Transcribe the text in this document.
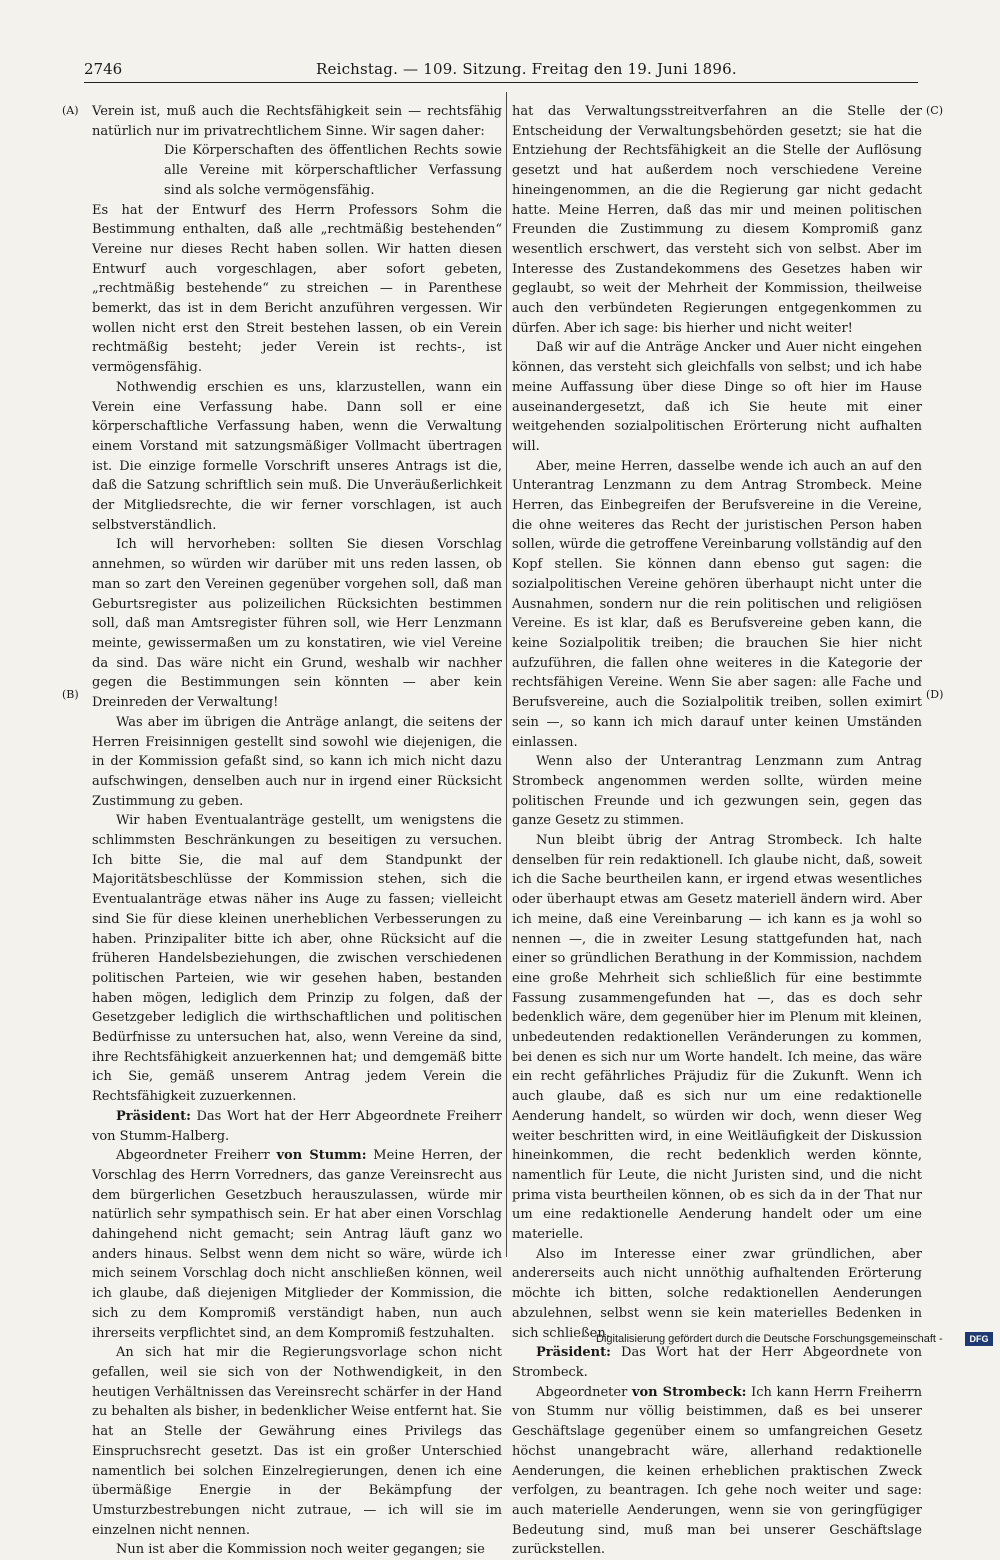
2746	Reichstag. — 109. Sitzung. Freitag den 19. Juni 1896.
(A)
(B)
(C)
(D)

Verein ist, muß auch die Rechtsfähigkeit sein — rechtsfähig natürlich nur im privatrechtlichem Sinne. Wir sagen daher:

Die Körperschaften des öffentlichen Rechts sowie alle Vereine mit körperschaftlicher Verfassung sind als solche vermögensfähig.

Es hat der Entwurf des Herrn Professors Sohm die Bestimmung enthalten, daß alle „rechtmäßig bestehenden“ Vereine nur dieses Recht haben sollen. Wir hatten diesen Entwurf auch vorgeschlagen, aber sofort gebeten, „rechtmäßig bestehende“ zu streichen — in Parenthese bemerkt, das ist in dem Bericht anzuführen vergessen. Wir wollen nicht erst den Streit bestehen lassen, ob ein Verein rechtmäßig besteht; jeder Verein ist rechts-, ist vermögensfähig.

Nothwendig erschien es uns, klarzustellen, wann ein Verein eine Verfassung habe. Dann soll er eine körperschaftliche Verfassung haben, wenn die Verwaltung einem Vorstand mit satzungsmäßiger Vollmacht übertragen ist. Die einzige formelle Vorschrift unseres Antrags ist die, daß die Satzung schriftlich sein muß. Die Unveräußerlichkeit der Mitgliedsrechte, die wir ferner vorschlagen, ist auch selbstverständlich.

Ich will hervorheben: sollten Sie diesen Vorschlag annehmen, so würden wir darüber mit uns reden lassen, ob man so zart den Vereinen gegenüber vorgehen soll, daß man Geburtsregister aus polizeilichen Rücksichten bestimmen soll, daß man Amtsregister führen soll, wie Herr Lenzmann meinte, gewissermaßen um zu konstatiren, wie viel Vereine da sind. Das wäre nicht ein Grund, weshalb wir nachher gegen die Bestimmungen sein könnten — aber kein Dreinreden der Verwaltung!

Was aber im übrigen die Anträge anlangt, die seitens der Herren Freisinnigen gestellt sind sowohl wie diejenigen, die in der Kommission gefaßt sind, so kann ich mich nicht dazu aufschwingen, denselben auch nur in irgend einer Rücksicht Zustimmung zu geben.

Wir haben Eventualanträge gestellt, um wenigstens die schlimmsten Beschränkungen zu beseitigen zu versuchen. Ich bitte Sie, die mal auf dem Standpunkt der Majoritätsbeschlüsse der Kommission stehen, sich die Eventualanträge etwas näher ins Auge zu fassen; vielleicht sind Sie für diese kleinen unerheblichen Verbesserungen zu haben. Prinzipaliter bitte ich aber, ohne Rücksicht auf die früheren Handelsbeziehungen, die zwischen verschiedenen politischen Parteien, wie wir gesehen haben, bestanden haben mögen, lediglich dem Prinzip zu folgen, daß der Gesetzgeber lediglich die wirthschaftlichen und politischen Bedürfnisse zu untersuchen hat, also, wenn Vereine da sind, ihre Rechtsfähigkeit anzuerkennen hat; und demgemäß bitte ich Sie, gemäß unserem Antrag jedem Verein die Rechtsfähigkeit zuzuerkennen.

Präsident: Das Wort hat der Herr Abgeordnete Freiherr von Stumm-Halberg.

Abgeordneter Freiherr von Stumm: Meine Herren, der Vorschlag des Herrn Vorredners, das ganze Vereinsrecht aus dem bürgerlichen Gesetzbuch herauszulassen, würde mir natürlich sehr sympathisch sein. Er hat aber einen Vorschlag dahingehend nicht gemacht; sein Antrag läuft ganz wo anders hinaus. Selbst wenn dem nicht so wäre, würde ich mich seinem Vorschlag doch nicht anschließen können, weil ich glaube, daß diejenigen Mitglieder der Kommission, die sich zu dem Kompromiß verständigt haben, nun auch ihrerseits verpflichtet sind, an dem Kompromiß festzuhalten.

An sich hat mir die Regierungsvorlage schon nicht gefallen, weil sie sich von der Nothwendigkeit, in den heutigen Verhältnissen das Vereinsrecht schärfer in der Hand zu behalten als bisher, in bedenklicher Weise entfernt hat. Sie hat an Stelle der Gewährung eines Privilegs das Einspruchsrecht gesetzt. Das ist ein großer Unterschied namentlich bei solchen Einzelregierungen, denen ich eine übermäßige Energie in der Bekämpfung der Umsturzbestrebungen nicht zutraue, — ich will sie im einzelnen nicht nennen.

Nun ist aber die Kommission noch weiter gegangen; sie

hat das Verwaltungsstreitverfahren an die Stelle der Entscheidung der Verwaltungsbehörden gesetzt; sie hat die Entziehung der Rechtsfähigkeit an die Stelle der Auflösung gesetzt und hat außerdem noch verschiedene Vereine hineingenommen, an die die Regierung gar nicht gedacht hatte. Meine Herren, daß das mir und meinen politischen Freunden die Zustimmung zu diesem Kompromiß ganz wesentlich erschwert, das versteht sich von selbst. Aber im Interesse des Zustandekommens des Gesetzes haben wir geglaubt, so weit der Mehrheit der Kommission, theilweise auch den verbündeten Regierungen entgegenkommen zu dürfen. Aber ich sage: bis hierher und nicht weiter!

Daß wir auf die Anträge Ancker und Auer nicht eingehen können, das versteht sich gleichfalls von selbst; und ich habe meine Auffassung über diese Dinge so oft hier im Hause auseinandergesetzt, daß ich Sie heute mit einer weitgehenden sozialpolitischen Erörterung nicht aufhalten will.

Aber, meine Herren, dasselbe wende ich auch an auf den Unterantrag Lenzmann zu dem Antrag Strombeck. Meine Herren, das Einbegreifen der Berufsvereine in die Vereine, die ohne weiteres das Recht der juristischen Person haben sollen, würde die getroffene Vereinbarung vollständig auf den Kopf stellen. Sie können dann ebenso gut sagen: die sozialpolitischen Vereine gehören überhaupt nicht unter die Ausnahmen, sondern nur die rein politischen und religiösen Vereine. Es ist klar, daß es Berufsvereine geben kann, die keine Sozialpolitik treiben; die brauchen Sie hier nicht aufzuführen, die fallen ohne weiteres in die Kategorie der rechtsfähigen Vereine. Wenn Sie aber sagen: alle Fache und Berufsvereine, auch die Sozialpolitik treiben, sollen eximirt sein —, so kann ich mich darauf unter keinen Umständen einlassen.

Wenn also der Unterantrag Lenzmann zum Antrag Strombeck angenommen werden sollte, würden meine politischen Freunde und ich gezwungen sein, gegen das ganze Gesetz zu stimmen.

Nun bleibt übrig der Antrag Strombeck. Ich halte denselben für rein redaktionell. Ich glaube nicht, daß, soweit ich die Sache beurtheilen kann, er irgend etwas wesentliches oder überhaupt etwas am Gesetz materiell ändern wird. Aber ich meine, daß eine Vereinbarung — ich kann es ja wohl so nennen —, die in zweiter Lesung stattgefunden hat, nach einer so gründlichen Berathung in der Kommission, nachdem eine große Mehrheit sich schließlich für eine bestimmte Fassung zusammengefunden hat —, das es doch sehr bedenklich wäre, dem gegenüber hier im Plenum mit kleinen, unbedeutenden redaktionellen Veränderungen zu kommen, bei denen es sich nur um Worte handelt. Ich meine, das wäre ein recht gefährliches Präjudiz für die Zukunft. Wenn ich auch glaube, daß es sich nur um eine redaktionelle Aenderung handelt, so würden wir doch, wenn dieser Weg weiter beschritten wird, in eine Weitläufigkeit der Diskussion hineinkommen, die recht bedenklich werden könnte, namentlich für Leute, die nicht Juristen sind, und die nicht prima vista beurtheilen können, ob es sich da in der That nur um eine redaktionelle Aenderung handelt oder um eine materielle.

Also im Interesse einer zwar gründlichen, aber andererseits auch nicht unnöthig aufhaltenden Erörterung möchte ich bitten, solche redaktionellen Aenderungen abzulehnen, selbst wenn sie kein materielles Bedenken in sich schließen.

Präsident: Das Wort hat der Herr Abgeordnete von Strombeck.

Abgeordneter von Strombeck: Ich kann Herrn Freiherrn von Stumm nur völlig beistimmen, daß es bei unserer Geschäftslage gegenüber einem so umfangreichen Gesetz höchst unangebracht wäre, allerhand redaktionelle Aenderungen, die keinen erheblichen praktischen Zweck verfolgen, zu beantragen. Ich gehe noch weiter und sage: auch materielle Aenderungen, wenn sie von geringfügiger Bedeutung sind, muß man bei unserer Geschäftslage zurückstellen.

Digitalisierung gefördert durch die Deutsche Forschungsgemeinschaft -	DFG
